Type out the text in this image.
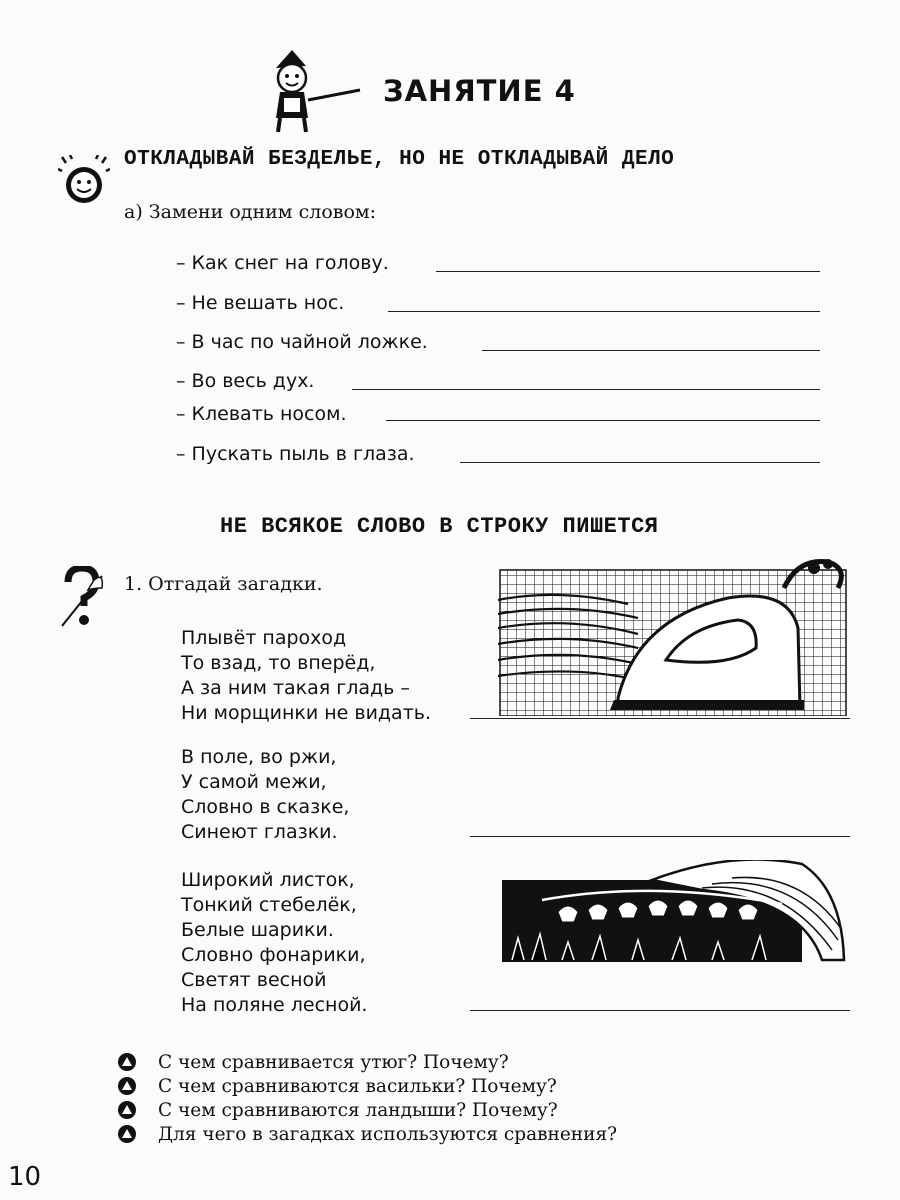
ЗАНЯТИЕ 4
ОТКЛАДЫВАЙ БЕЗДЕЛЬЕ, НО НЕ ОТКЛАДЫВАЙ ДЕЛО
а) Замени одним словом:
– Как снег на голову.
– Не вешать нос.
– В час по чайной ложке.
– Во весь дух.
– Клевать носом.
– Пускать пыль в глаза.
НЕ ВСЯКОЕ СЛОВО В СТРОКУ ПИШЕТСЯ
1. Отгадай загадки.
Плывёт пароход
То взад, то вперёд,
А за ним такая гладь –
Ни морщинки не видать.
В поле, во ржи,
У самой межи,
Словно в сказке,
Синеют глазки.
Широкий листок,
Тонкий стебелёк,
Белые шарики.
Словно фонарики,
Светят весной
На поляне лесной.
С чем сравнивается утюг? Почему?
С чем сравниваются васильки? Почему?
С чем сравниваются ландыши? Почему?
Для чего в загадках используются сравнения?
10
